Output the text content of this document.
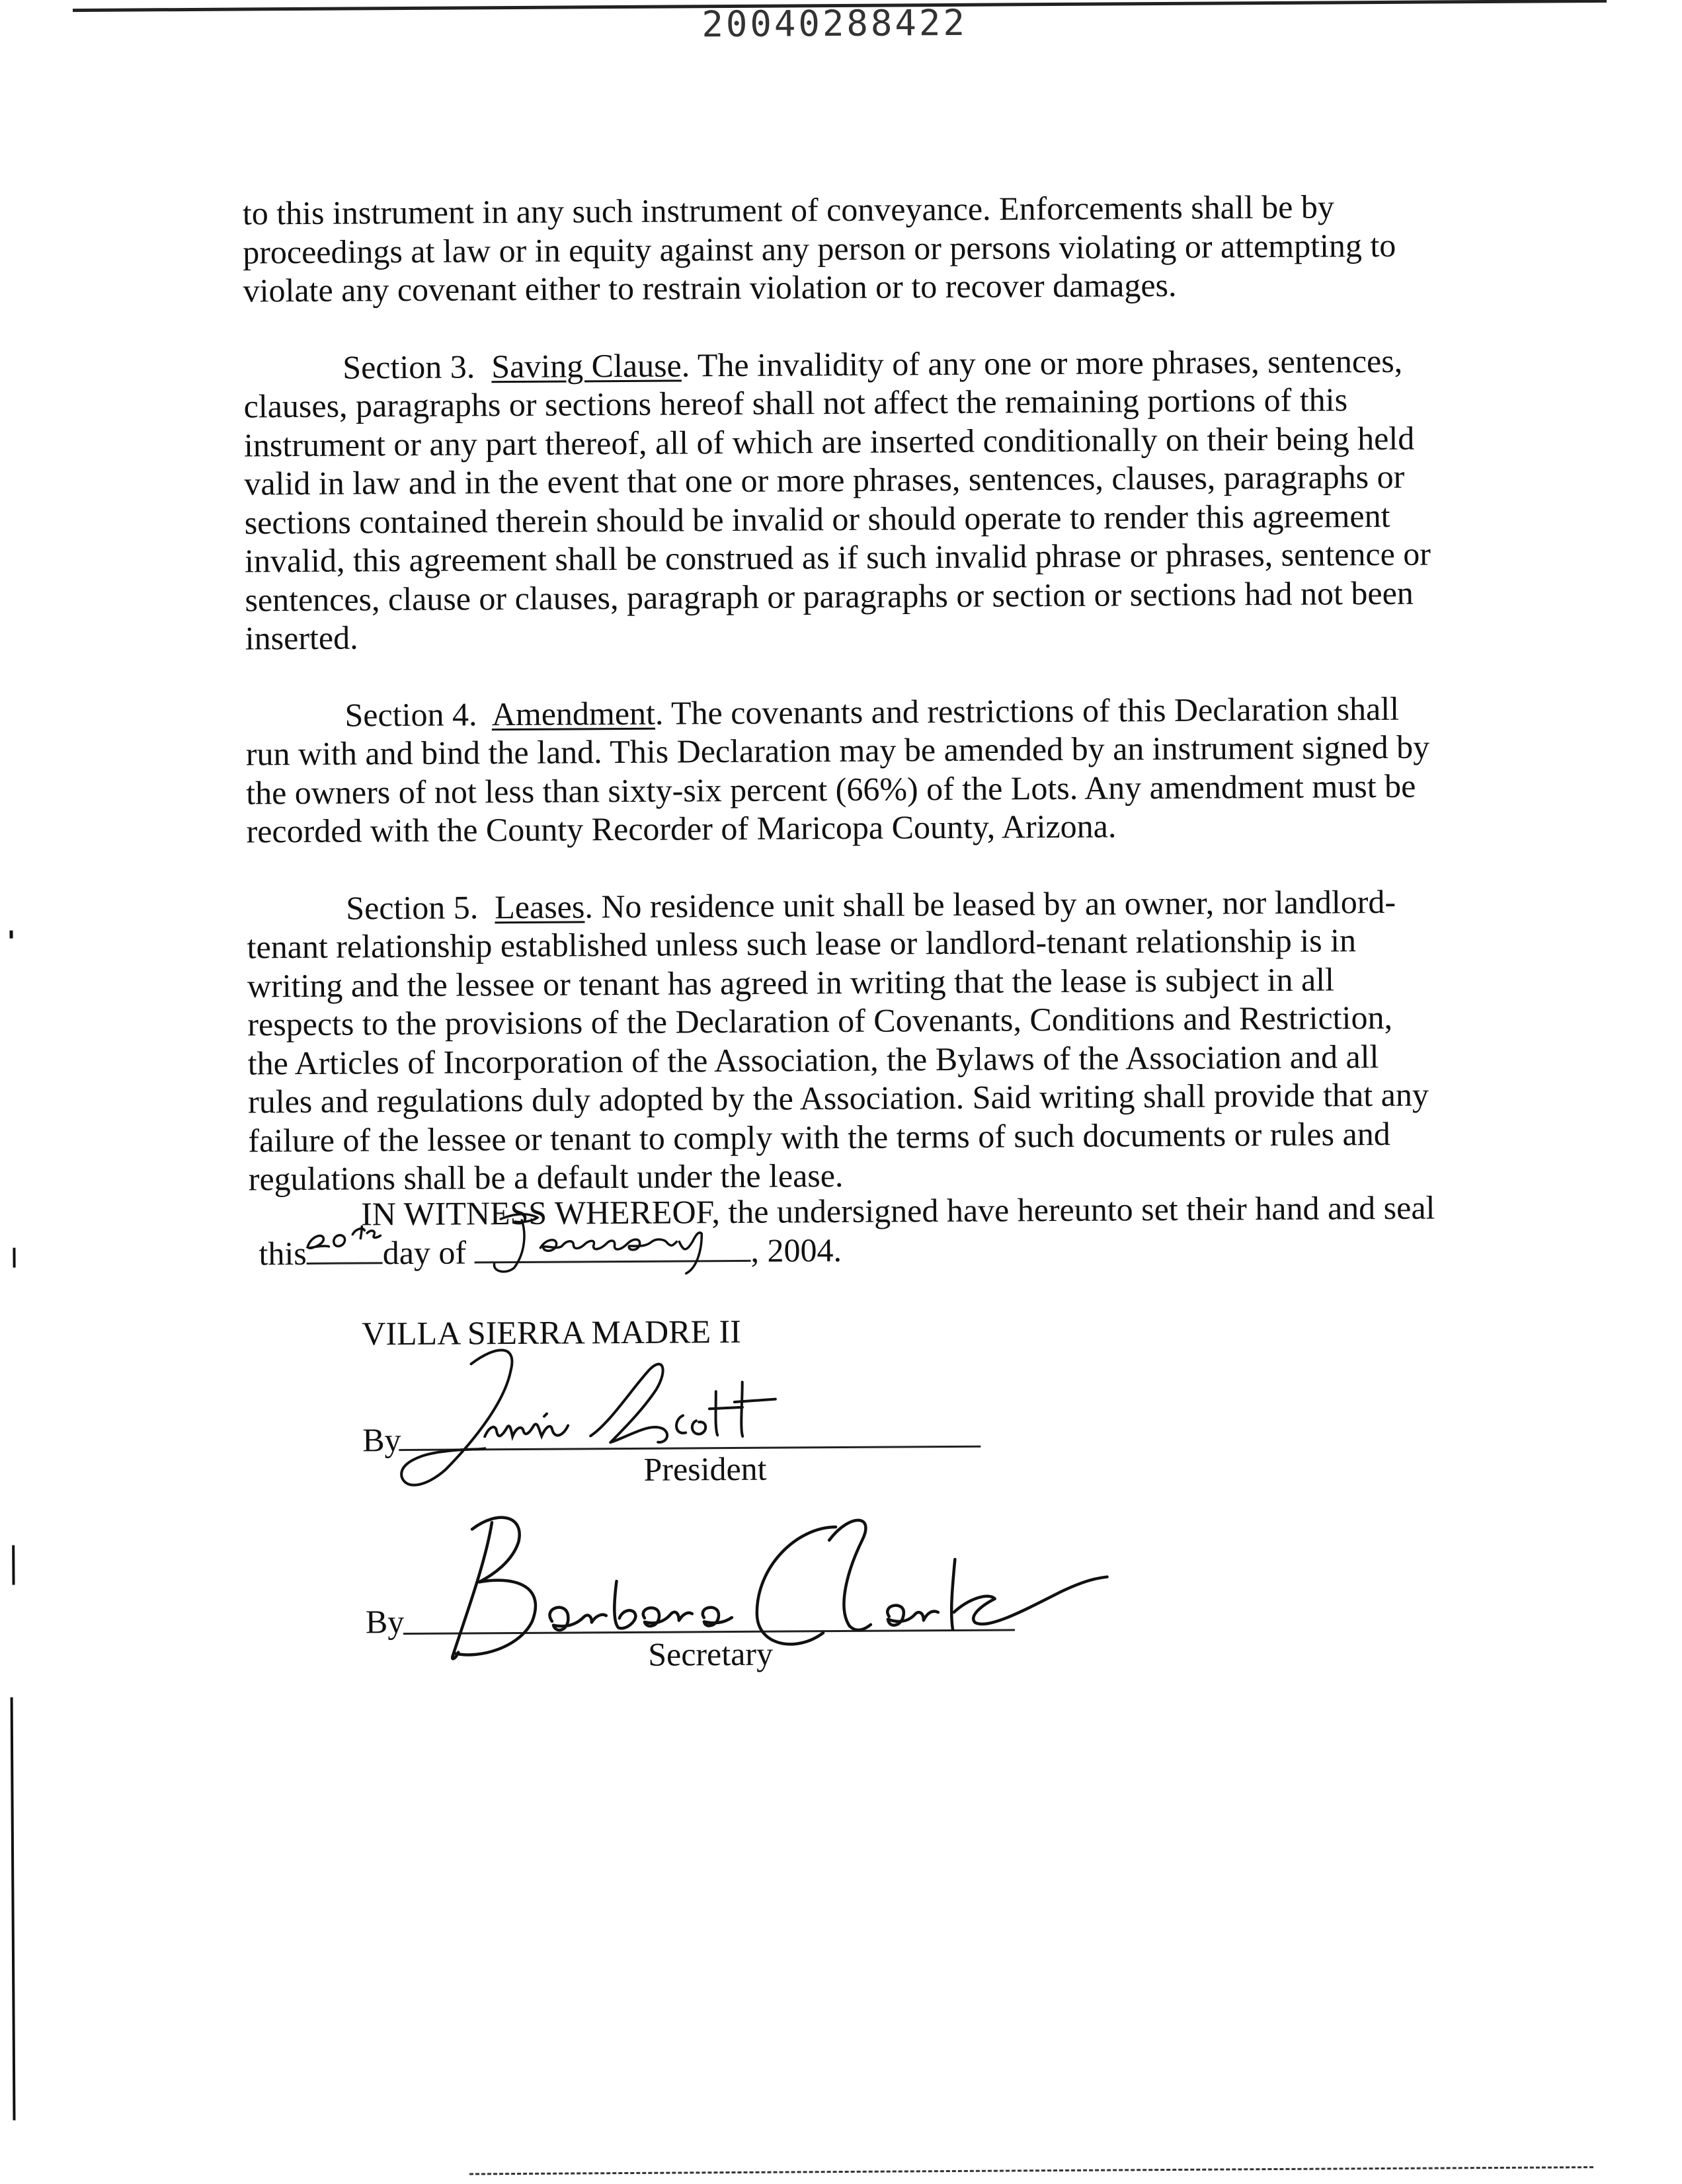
20040288422

to this instrument in any such instrument of conveyance. Enforcements shall be by proceedings at law or in equity against any person or persons violating or attempting to violate any covenant either to restrain violation or to recover damages.

Section 3. Saving Clause. The invalidity of any one or more phrases, sentences, clauses, paragraphs or sections hereof shall not affect the remaining portions of this instrument or any part thereof, all of which are inserted conditionally on their being held valid in law and in the event that one or more phrases, sentences, clauses, paragraphs or sections contained therein should be invalid or should operate to render this agreement invalid, this agreement shall be construed as if such invalid phrase or phrases, sentence or sentences, clause or clauses, paragraph or paragraphs or section or sections had not been inserted.

Section 4. Amendment. The covenants and restrictions of this Declaration shall run with and bind the land. This Declaration may be amended by an instrument signed by the owners of not less than sixty-six percent (66%) of the Lots. Any amendment must be recorded with the County Recorder of Maricopa County, Arizona.

Section 5. Leases. No residence unit shall be leased by an owner, nor landlord-tenant relationship established unless such lease or landlord-tenant relationship is in writing and the lessee or tenant has agreed in writing that the lease is subject in all respects to the provisions of the Declaration of Covenants, Conditions and Restriction, the Articles of Incorporation of the Association, the Bylaws of the Association and all rules and regulations duly adopted by the Association. Said writing shall provide that any failure of the lessee or tenant to comply with the terms of such documents or rules and regulations shall be a default under the lease.

IN WITNESS WHEREOF, the undersigned have hereunto set their hand and seal
this day of	, 2004.
VILLA SIERRA MADRE II
By
President
By
Secretary
